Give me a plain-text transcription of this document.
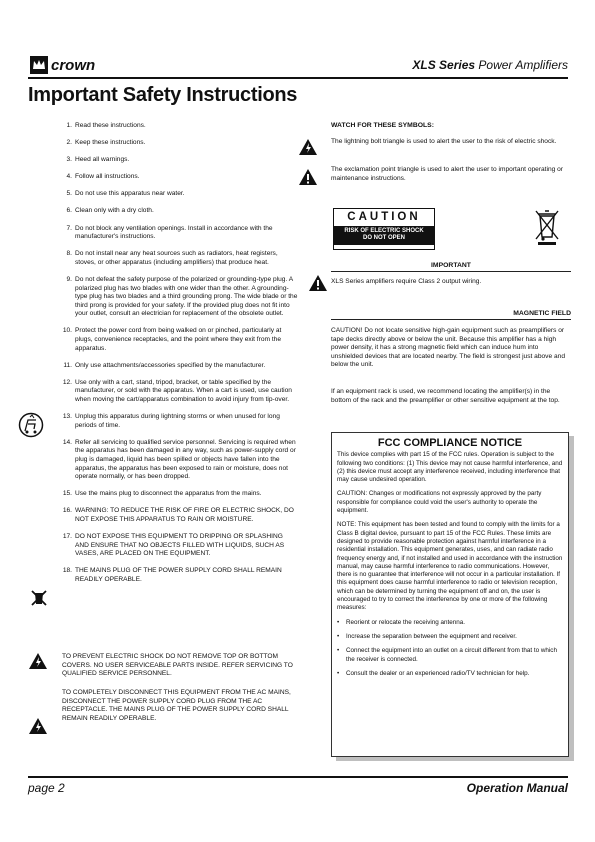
crown	XLS Series Power Amplifiers
Important Safety Instructions
1. Read these instructions.
2. Keep these instructions.
3. Heed all warnings.
4. Follow all instructions.
5. Do not use this apparatus near water.
6. Clean only with a dry cloth.
7. Do not block any ventilation openings. Install in accordance with the manufacturer's instructions.
8. Do not install near any heat sources such as radiators, heat registers, stoves, or other apparatus (including amplifiers) that produce heat.
9. Do not defeat the safety purpose of the polarized or grounding-type plug. A polarized plug has two blades with one wider than the other. A grounding-type plug has two blades and a third grounding prong. The wide blade or the third prong is provided for your safety. If the provided plug does not fit into your outlet, consult an electrician for replacement of the obsolete outlet.
10. Protect the power cord from being walked on or pinched, particularly at plugs, convenience receptacles, and the point where they exit from the apparatus.
11. Only use attachments/accessories specified by the manufacturer.
12. Use only with a cart, stand, tripod, bracket, or table specified by the manufacturer, or sold with the apparatus. When a cart is used, use caution when moving the cart/apparatus combination to avoid injury from tip-over.
13. Unplug this apparatus during lightning storms or when unused for long periods of time.
14. Refer all servicing to qualified service personnel. Servicing is required when the apparatus has been damaged in any way, such as power-supply cord or plug is damaged, liquid has been spilled or objects have fallen into the apparatus, the apparatus has been exposed to rain or moisture, does not operate normally, or has been dropped.
15. Use the mains plug to disconnect the apparatus from the mains.
16. WARNING: TO REDUCE THE RISK OF FIRE OR ELECTRIC SHOCK, DO NOT EXPOSE THIS APPARATUS TO RAIN OR MOISTURE.
17. DO NOT EXPOSE THIS EQUIPMENT TO DRIPPING OR SPLASHING AND ENSURE THAT NO OBJECTS FILLED WITH LIQUIDS, SUCH AS VASES, ARE PLACED ON THE EQUIPMENT.
18. THE MAINS PLUG OF THE POWER SUPPLY CORD SHALL REMAIN READILY OPERABLE.
TO PREVENT ELECTRIC SHOCK DO NOT REMOVE TOP OR BOTTOM COVERS. NO USER SERVICEABLE PARTS INSIDE. REFER SERVICING TO QUALIFIED SERVICE PERSONNEL.
TO COMPLETELY DISCONNECT THIS EQUIPMENT FROM THE AC MAINS, DISCONNECT THE POWER SUPPLY CORD PLUG FROM THE AC RECEPTACLE. THE MAINS PLUG OF THE POWER SUPPLY CORD SHALL REMAIN READILY OPERABLE.
WATCH FOR THESE SYMBOLS:
The lightning bolt triangle is used to alert the user to the risk of electric shock.
The exclamation point triangle is used to alert the user to important operating or maintenance instructions.
CAUTION
RISK OF ELECTRIC SHOCK
DO NOT OPEN
IMPORTANT
XLS Series amplifiers require Class 2 output wiring.
MAGNETIC FIELD
CAUTION! Do not locate sensitive high-gain equipment such as preamplifiers or tape decks directly above or below the unit. Because this amplifier has a high power density, it has a strong magnetic field which can induce hum into unshielded devices that are located nearby. The field is strongest just above and below the unit.
If an equipment rack is used, we recommend locating the amplifier(s) in the bottom of the rack and the preamplifier or other sensitive equipment at the top.
FCC COMPLIANCE NOTICE

This device complies with part 15 of the FCC rules. Operation is subject to the following two conditions: (1) This device may not cause harmful interference, and (2) this device must accept any interference received, including interference that may cause undesired operation.

CAUTION: Changes or modifications not expressly approved by the party responsible for compliance could void the user's authority to operate the equipment.

NOTE: This equipment has been tested and found to comply with the limits for a Class B digital device, pursuant to part 15 of the FCC Rules. These limits are designed to provide reasonable protection against harmful interference in a residential installation. This equipment generates, uses, and can radiate radio frequency energy and, if not installed and used in accordance with the instruction manual, may cause harmful interference to radio communications. However, there is no guarantee that interference will not occur in a particular installation. If this equipment does cause harmful interference to radio or television reception, which can be determined by turning the equipment off and on, the user is encouraged to try to correct the interference by one or more of the following measures:

•	Reorient or relocate the receiving antenna.
•	Increase the separation between the equipment and receiver.
•	Connect the equipment into an outlet on a circuit different from that to which the receiver is connected.
•	Consult the dealer or an experienced radio/TV technician for help.
page 2	Operation Manual
